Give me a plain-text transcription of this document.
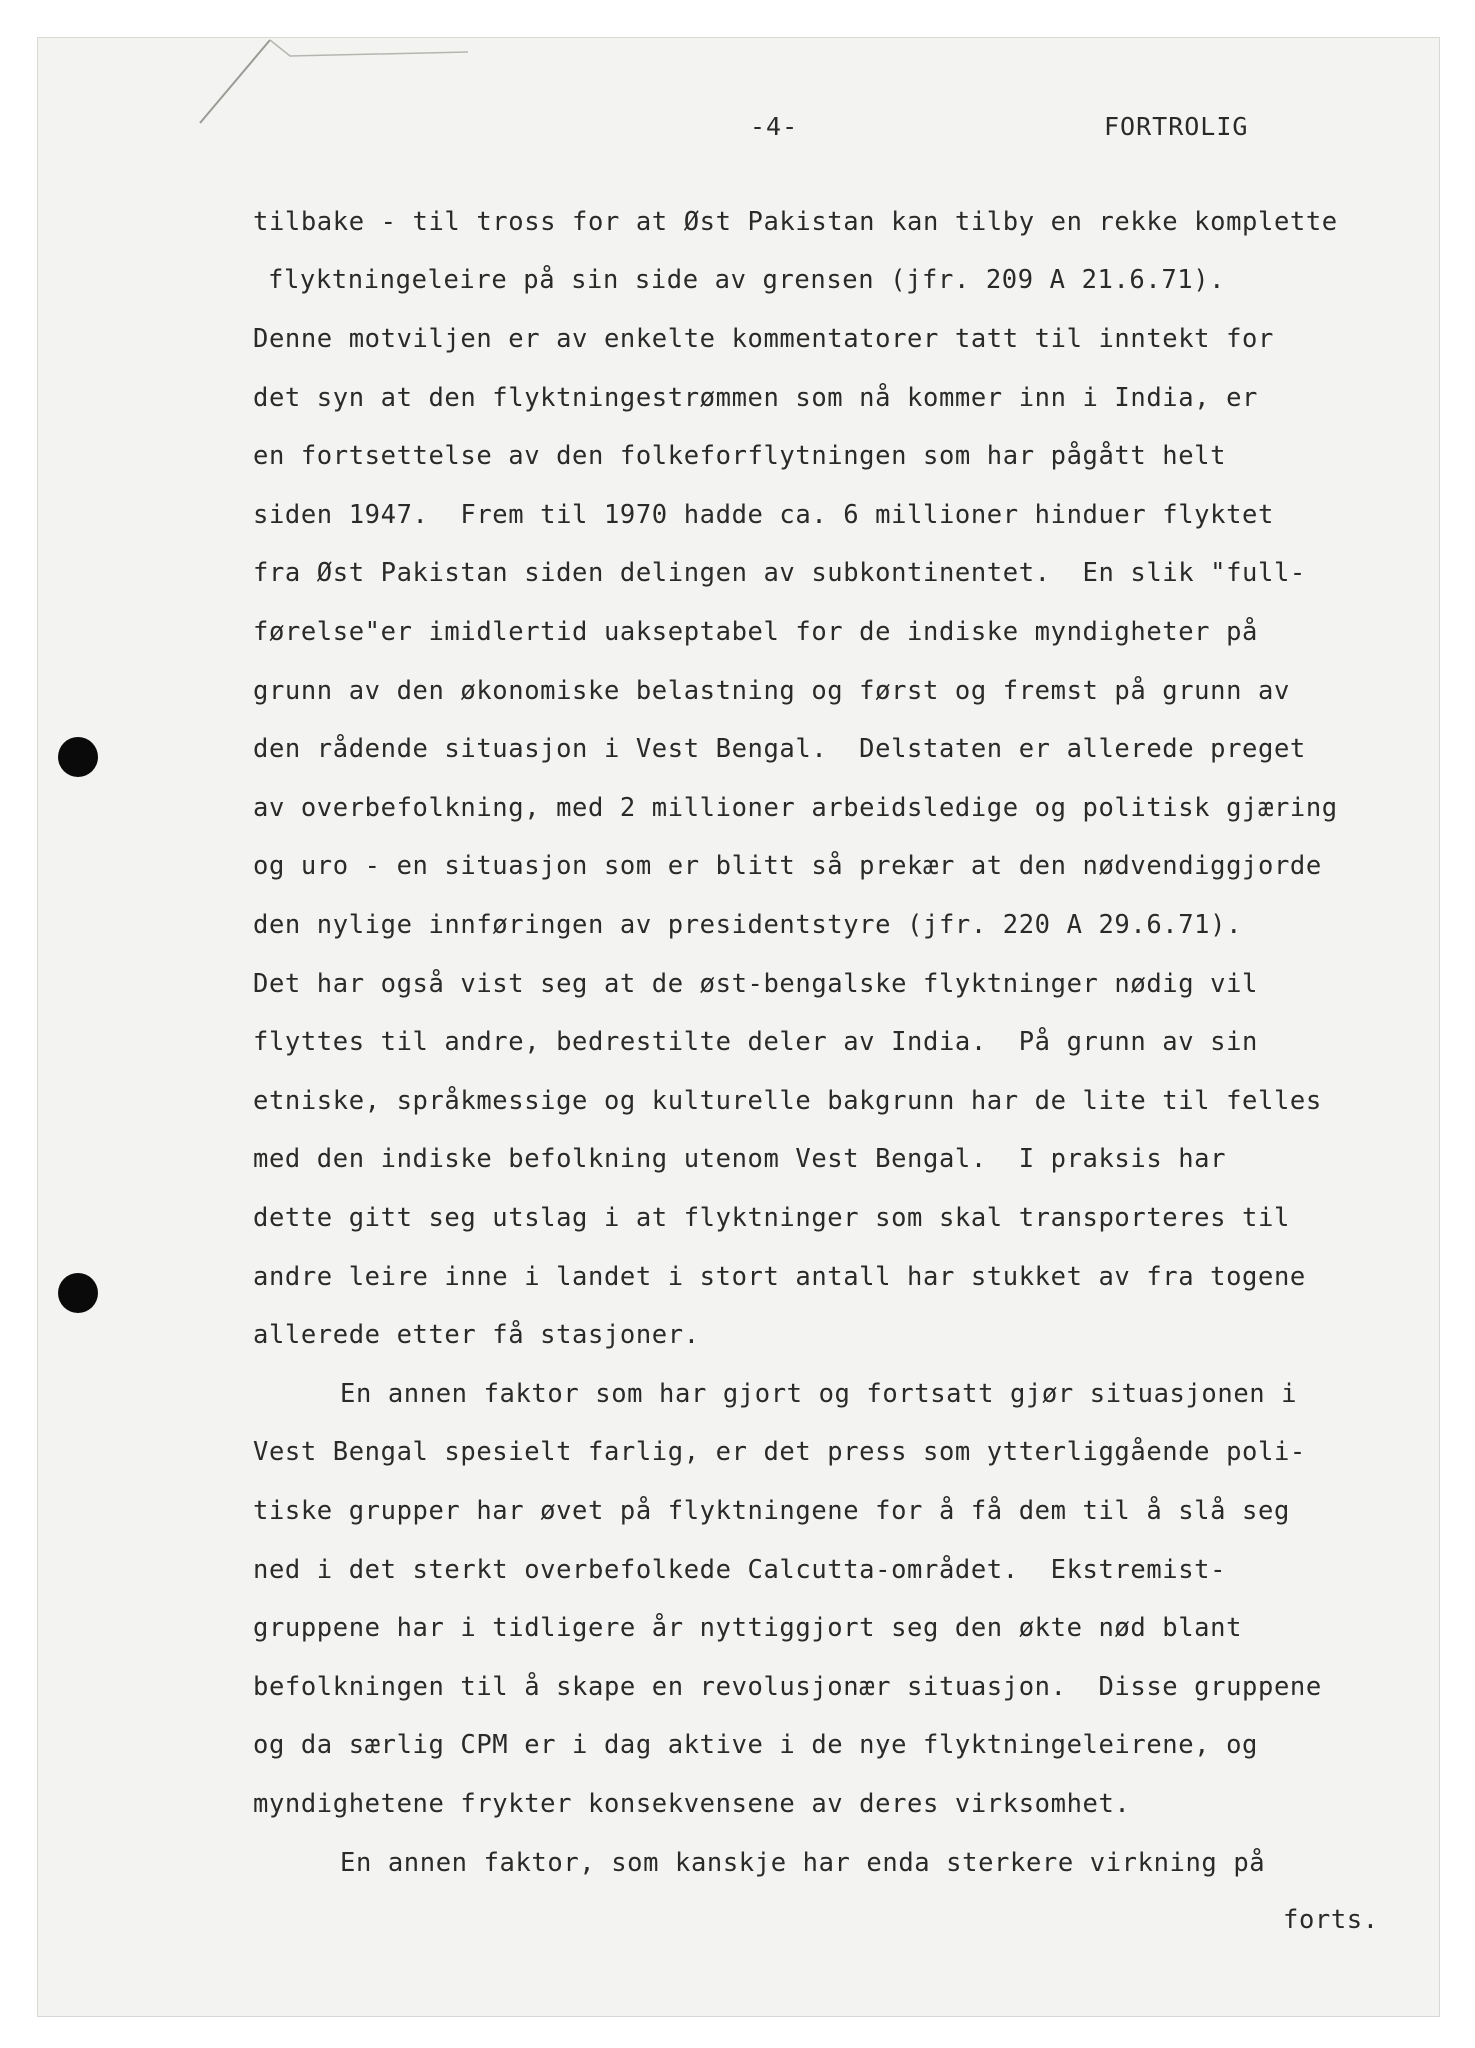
-4-	FORTROLIG
tilbake - til tross for at Øst Pakistan kan tilby en rekke komplette
flyktningeleire på sin side av grensen (jfr. 209 A 21.6.71).
Denne motviljen er av enkelte kommentatorer tatt til inntekt for
det syn at den flyktningestrømmen som nå kommer inn i India, er
en fortsettelse av den folkeforflytningen som har pågått helt
siden 1947.  Frem til 1970 hadde ca. 6 millioner hinduer flyktet
fra Øst Pakistan siden delingen av subkontinentet.  En slik "full-
førelse"er imidlertid uakseptabel for de indiske myndigheter på
grunn av den økonomiske belastning og først og fremst på grunn av
den rådende situasjon i Vest Bengal.  Delstaten er allerede preget
av overbefolkning, med 2 millioner arbeidsledige og politisk gjæring
og uro - en situasjon som er blitt så prekær at den nødvendiggjorde
den nylige innføringen av presidentstyre (jfr. 220 A 29.6.71).
Det har også vist seg at de øst-bengalske flyktninger nødig vil
flyttes til andre, bedrestilte deler av India.  På grunn av sin
etniske, språkmessige og kulturelle bakgrunn har de lite til felles
med den indiske befolkning utenom Vest Bengal.  I praksis har
dette gitt seg utslag i at flyktninger som skal transporteres til
andre leire inne i landet i stort antall har stukket av fra togene
allerede etter få stasjoner.
En annen faktor som har gjort og fortsatt gjør situasjonen i
Vest Bengal spesielt farlig, er det press som ytterliggående poli-
tiske grupper har øvet på flyktningene for å få dem til å slå seg
ned i det sterkt overbefolkede Calcutta-området.  Ekstremist-
gruppene har i tidligere år nyttiggjort seg den økte nød blant
befolkningen til å skape en revolusjonær situasjon.  Disse gruppene
og da særlig CPM er i dag aktive i de nye flyktningeleirene, og
myndighetene frykter konsekvensene av deres virksomhet.
En annen faktor, som kanskje har enda sterkere virkning på
forts.
